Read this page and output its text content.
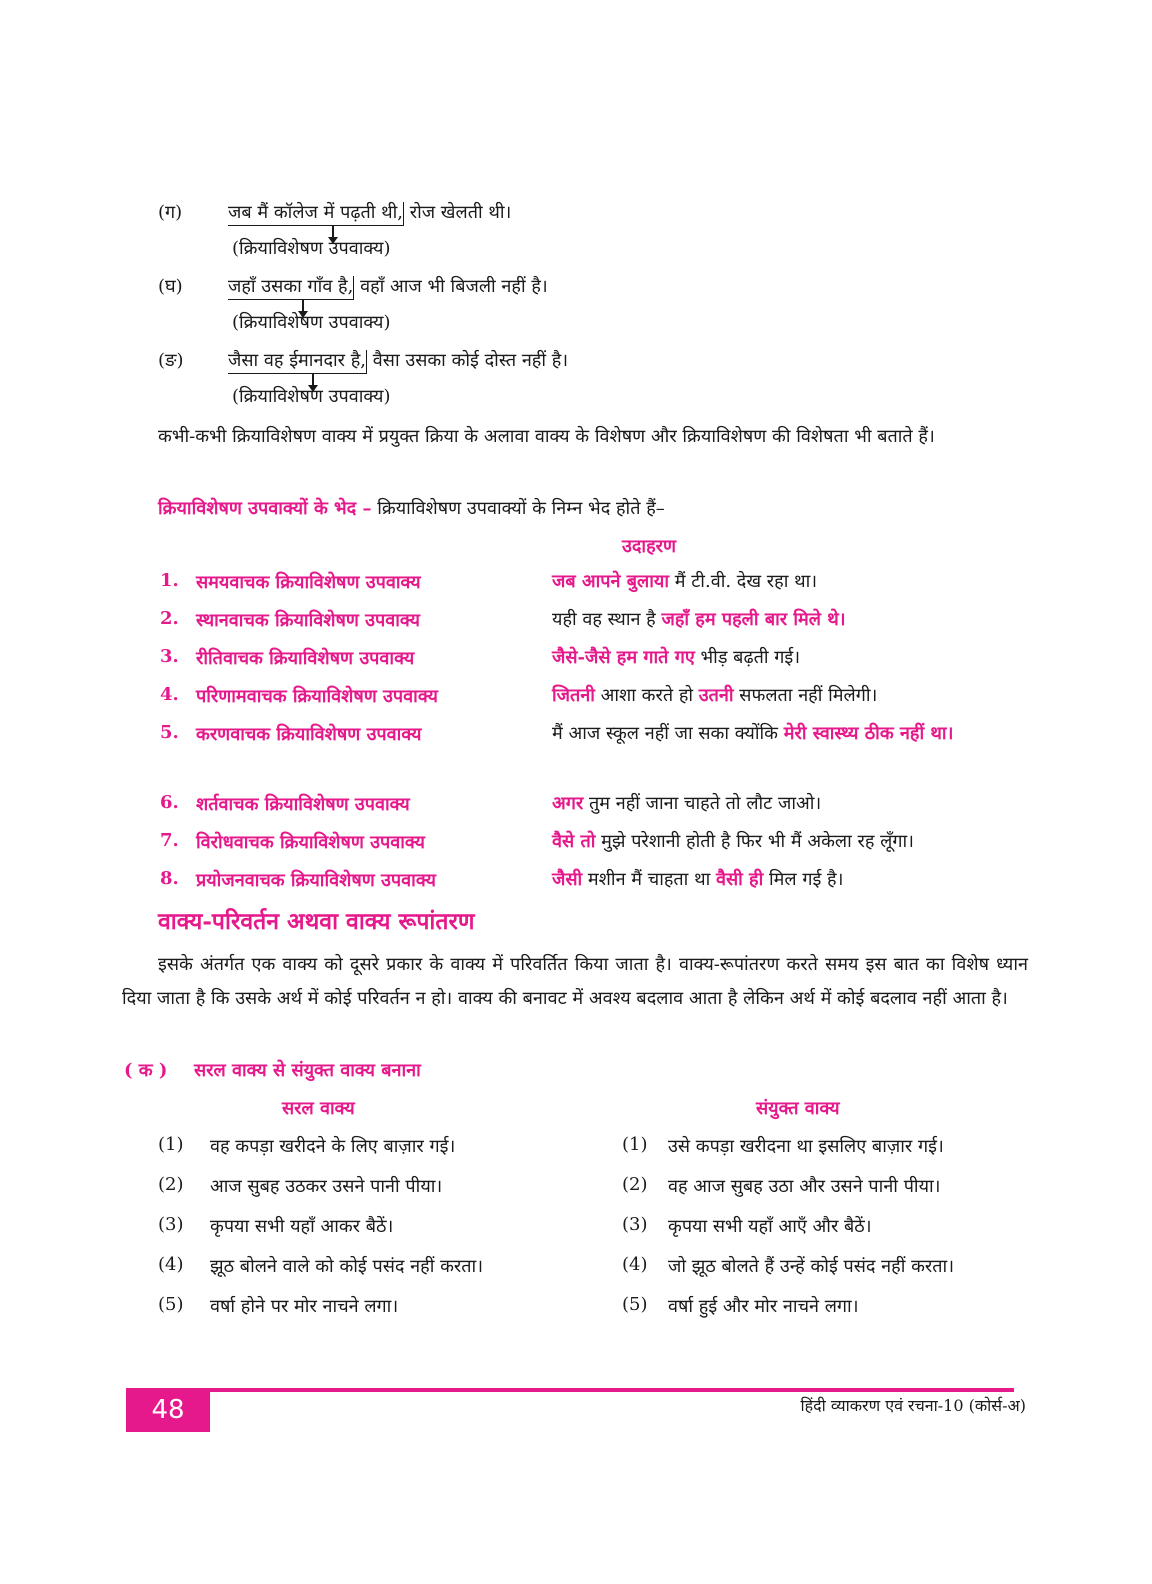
(ग)	जब मैं कॉलेज में पढ़ती थी, रोज खेलती थी।
(क्रियाविशेषण उपवाक्य)
(घ)	जहाँ उसका गाँव है, वहाँ आज भी बिजली नहीं है।
(क्रियाविशेषण उपवाक्य)
(ङ) जैसा वह ईमानदार है, वैसा उसका कोई दोस्त नहीं है।
(क्रियाविशेषण उपवाक्य)
कभी-कभी क्रियाविशेषण वाक्य में प्रयुक्त क्रिया के अलावा वाक्य के विशेषण और क्रियाविशेषण की विशेषता भी बताते हैं।
क्रियाविशेषण उपवाक्यों के भेद – क्रियाविशेषण उपवाक्यों के निम्न भेद होते हैं–
उदाहरण
1. समयवाचक क्रियाविशेषण उपवाक्य	जब आपने बुलाया मैं टी.वी. देख रहा था।
2. स्थानवाचक क्रियाविशेषण उपवाक्य	यही वह स्थान है जहाँ हम पहली बार मिले थे।
3. रीतिवाचक क्रियाविशेषण उपवाक्य	जैसे-जैसे हम गाते गए भीड़ बढ़ती गई।
4. परिणामवाचक क्रियाविशेषण उपवाक्य	जितनी आशा करते हो उतनी सफलता नहीं मिलेगी।
5. करणवाचक क्रियाविशेषण उपवाक्य	मैं आज स्कूल नहीं जा सका क्योंकि मेरी स्वास्थ्य ठीक नहीं था।
6. शर्तवाचक क्रियाविशेषण उपवाक्य	अगर तुम नहीं जाना चाहते तो लौट जाओ।
7. विरोधवाचक क्रियाविशेषण उपवाक्य	वैसे तो मुझे परेशानी होती है फिर भी मैं अकेला रह लूँगा।
8. प्रयोजनवाचक क्रियाविशेषण उपवाक्य	जैसी मशीन मैं चाहता था वैसी ही मिल गई है।
वाक्य-परिवर्तन अथवा वाक्य रूपांतरण
इसके अंतर्गत एक वाक्य को दूसरे प्रकार के वाक्य में परिवर्तित किया जाता है। वाक्य-रूपांतरण करते समय इस बात का विशेष ध्यान दिया जाता है कि उसके अर्थ में कोई परिवर्तन न हो। वाक्य की बनावट में अवश्य बदलाव आता है लेकिन अर्थ में कोई बदलाव नहीं आता है।
( क ) सरल वाक्य से संयुक्त वाक्य बनाना
सरल वाक्य	संयुक्त वाक्य
(1) वह कपड़ा खरीदने के लिए बाज़ार गई।	(1) उसे कपड़ा खरीदना था इसलिए बाज़ार गई।
(2) आज सुबह उठकर उसने पानी पीया।	(2) वह आज सुबह उठा और उसने पानी पीया।
(3) कृपया सभी यहाँ आकर बैठें।	(3) कृपया सभी यहाँ आएँ और बैठें।
(4) झूठ बोलने वाले को कोई पसंद नहीं करता।	(4) जो झूठ बोलते हैं उन्हें कोई पसंद नहीं करता।
(5) वर्षा होने पर मोर नाचने लगा।	(5) वर्षा हुई और मोर नाचने लगा।
48	हिंदी व्याकरण एवं रचना-10 (कोर्स-अ)
